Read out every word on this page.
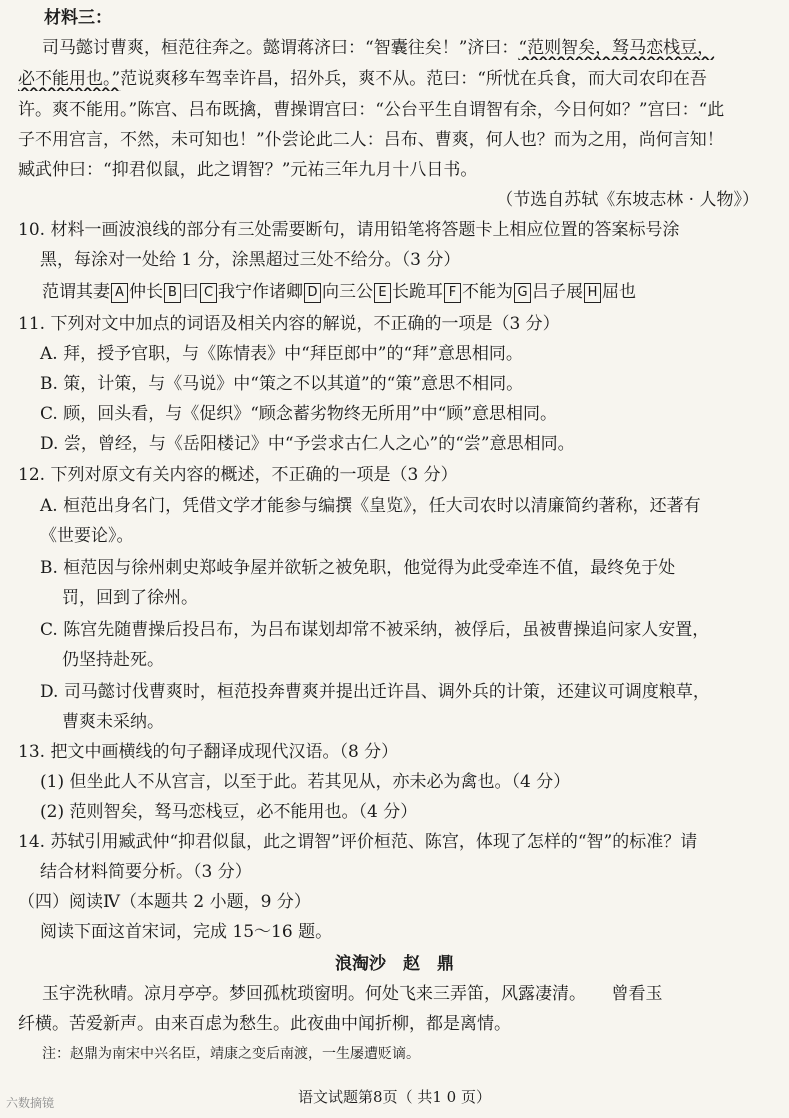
材料三：
司马懿讨曹爽，桓范往奔之。懿谓蒋济曰：“智囊往矣！”济曰：“范则智矣，驽马恋栈豆，
必不能用也。”范说爽移车驾幸许昌，招外兵，爽不从。范曰：“所忧在兵食，而大司农印在吾
许。爽不能用。”陈宫、吕布既擒，曹操谓宫曰：“公台平生自谓智有余，今日何如？”宫曰：“此
子不用宫言，不然，未可知也！”仆尝论此二人：吕布、曹爽，何人也？而为之用，尚何言知！
臧武仲曰：“抑君似鼠，此之谓智？”元祐三年九月十八日书。
（节选自苏轼《东坡志林 · 人物》）
10. 材料一画波浪线的部分有三处需要断句，请用铅笔将答题卡上相应位置的答案标号涂
黑，每涂对一处给 1 分，涂黑超过三处不给分。（3 分）
范谓其妻 A 仲长 B 曰 C 我宁作诸卿 D 向三公 E 长跪耳 F 不能为 G 吕子展 H 屈也
11. 下列对文中加点的词语及相关内容的解说，不正确的一项是（3 分）
A. 拜，授予官职，与《陈情表》中“拜臣郎中”的“拜”意思相同。
B. 策，计策，与《马说》中“策之不以其道”的“策”意思不相同。
C. 顾，回头看，与《促织》“顾念蓄劣物终无所用”中“顾”意思相同。
D. 尝，曾经，与《岳阳楼记》中“予尝求古仁人之心”的“尝”意思相同。
12. 下列对原文有关内容的概述，不正确的一项是（3 分）
A. 桓范出身名门，凭借文学才能参与编撰《皇览》，任大司农时以清廉简约著称，还著有
《世要论》。
B. 桓范因与徐州刺史郑岐争屋并欲斩之被免职，他觉得为此受牵连不值，最终免于处
罚，回到了徐州。
C. 陈宫先随曹操后投吕布，为吕布谋划却常不被采纳，被俘后，虽被曹操追问家人安置，
仍坚持赴死。
D. 司马懿讨伐曹爽时，桓范投奔曹爽并提出迁许昌、调外兵的计策，还建议可调度粮草，
曹爽未采纳。
13. 把文中画横线的句子翻译成现代汉语。（8 分）
(1) 但坐此人不从宫言，以至于此。若其见从，亦未必为禽也。（4 分）
(2) 范则智矣，驽马恋栈豆，必不能用也。（4 分）
14. 苏轼引用臧武仲“抑君似鼠，此之谓智”评价桓范、陈宫，体现了怎样的“智”的标准？请
结合材料简要分析。（3 分）
（四）阅读Ⅳ（本题共 2 小题，9 分）
阅读下面这首宋词，完成 15～16 题。
浪淘沙　赵　鼎
玉宇洗秋晴。凉月亭亭。梦回孤枕琐窗明。何处飞来三弄笛，风露凄清。　　曾看玉
纤横。苦爱新声。由来百虑为愁生。此夜曲中闻折柳，都是离情。
注：赵鼎为南宋中兴名臣，靖康之变后南渡，一生屡遭贬谪。
语文试题第8页（ 共1 0 页）
六数摘镜
